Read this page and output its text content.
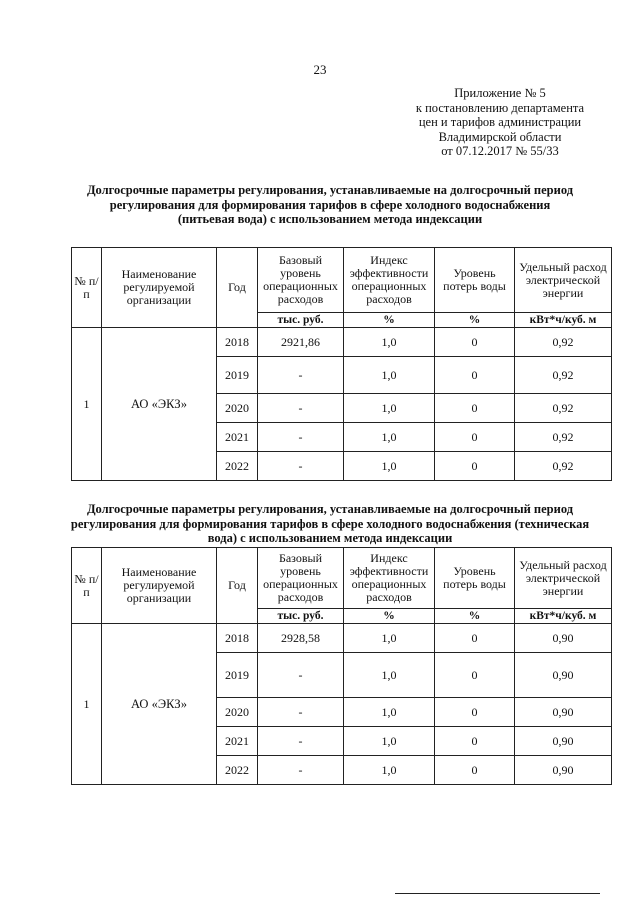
23
Приложение № 5
к постановлению департамента
цен и тарифов администрации
Владимирской области
от 07.12.2017 № 55/33
Долгосрочные параметры регулирования, устанавливаемые на долгосрочный период
регулирования для формирования тарифов в сфере холодного водоснабжения
(питьевая вода) с использованием метода индексации
№ п/п	Наименование регулируемой организации	Год	Базовый уровень операционных расходов	Индекс эффективности операционных расходов	Уровень потерь воды	Удельный расход электрической энергии
			тыс. руб.	%	%	кВт*ч/куб. м
1	АО «ЭКЗ»	2018	2921,86	1,0	0	0,92
		2019	-	1,0	0	0,92
		2020	-	1,0	0	0,92
		2021	-	1,0	0	0,92
		2022	-	1,0	0	0,92
Долгосрочные параметры регулирования, устанавливаемые на долгосрочный период
регулирования для формирования тарифов в сфере холодного водоснабжения (техническая
вода) с использованием метода индексации
№ п/п	Наименование регулируемой организации	Год	Базовый уровень операционных расходов	Индекс эффективности операционных расходов	Уровень потерь воды	Удельный расход электрической энергии
			тыс. руб.	%	%	кВт*ч/куб. м
1	АО «ЭКЗ»	2018	2928,58	1,0	0	0,90
		2019	-	1,0	0	0,90
		2020	-	1,0	0	0,90
		2021	-	1,0	0	0,90
		2022	-	1,0	0	0,90
